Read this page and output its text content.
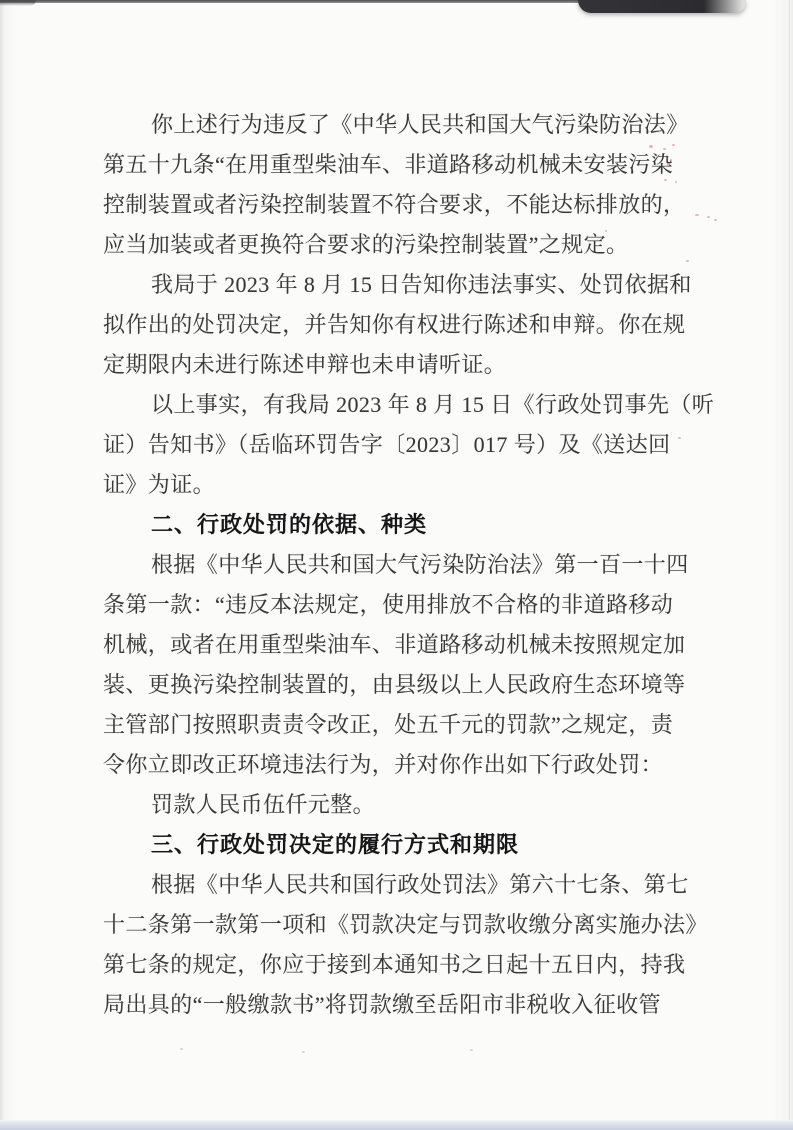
你上述行为违反了《中华人民共和国大气污染防治法》
第五十九条“在用重型柴油车、非道路移动机械未安装污染
控制装置或者污染控制装置不符合要求，不能达标排放的，
应当加装或者更换符合要求的污染控制装置”之规定。
我局于 2023 年 8 月 15 日告知你违法事实、处罚依据和
拟作出的处罚决定，并告知你有权进行陈述和申辩。你在规
定期限内未进行陈述申辩也未申请听证。
以上事实，有我局 2023 年 8 月 15 日《行政处罚事先（听
证）告知书》（岳临环罚告字〔2023〕017 号）及《送达回
证》为证。
二、行政处罚的依据、种类
根据《中华人民共和国大气污染防治法》第一百一十四
条第一款：“违反本法规定，使用排放不合格的非道路移动
机械，或者在用重型柴油车、非道路移动机械未按照规定加
装、更换污染控制装置的，由县级以上人民政府生态环境等
主管部门按照职责责令改正，处五千元的罚款”之规定，责
令你立即改正环境违法行为，并对你作出如下行政处罚：
罚款人民币伍仟元整。
三、行政处罚决定的履行方式和期限
根据《中华人民共和国行政处罚法》第六十七条、第七
十二条第一款第一项和《罚款决定与罚款收缴分离实施办法》
第七条的规定，你应于接到本通知书之日起十五日内，持我
局出具的“一般缴款书”将罚款缴至岳阳市非税收入征收管
